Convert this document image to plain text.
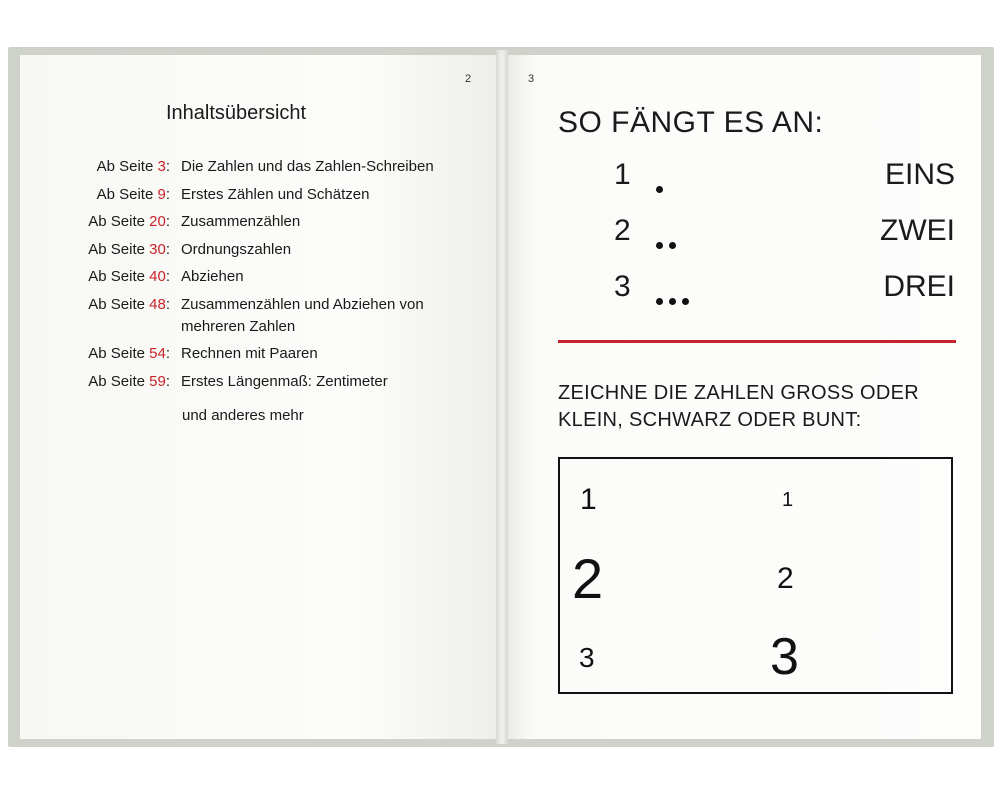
2	3
Inhaltsübersicht
Ab Seite 3: Die Zahlen und das Zahlen-Schreiben
Ab Seite 9: Erstes Zählen und Schätzen
Ab Seite 20: Zusammenzählen
Ab Seite 30: Ordnungszahlen
Ab Seite 40: Abziehen
Ab Seite 48: Zusammenzählen und Abziehen von mehreren Zahlen
Ab Seite 54: Rechnen mit Paaren
Ab Seite 59: Erstes Längenmaß: Zentimeter
und anderes mehr
SO FÄNGT ES AN:
1	EINS
2	ZWEI
3	DREI
ZEICHNE DIE ZAHLEN GROSS ODER
KLEIN, SCHWARZ ODER BUNT:
1	1
2	2
3	3
